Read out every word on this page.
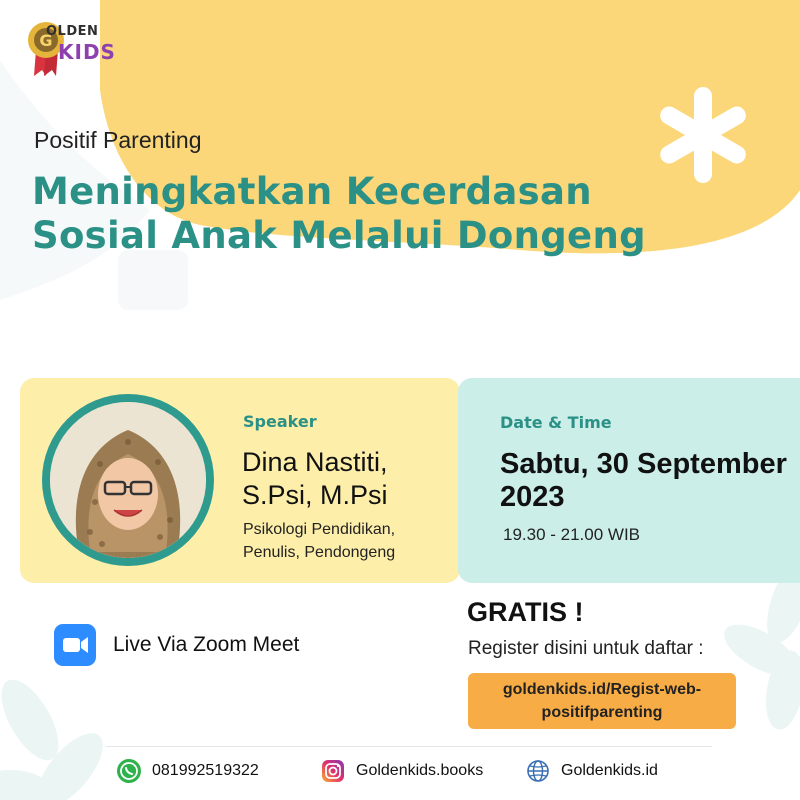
G
OLDEN
KIDS
Positif Parenting
Meningkatkan Kecerdasan
Sosial Anak Melalui Dongeng
Speaker
Dina Nastiti, S.Psi, M.Psi
Psikologi Pendidikan, Penulis, Pendongeng
Date & Time
Sabtu, 30 September 2023
19.30 - 21.00 WIB
Live Via Zoom Meet
GRATIS !
Register disini untuk daftar :
goldenkids.id/Regist-web-positifparenting
081992519322	Goldenkids.books	Goldenkids.id
